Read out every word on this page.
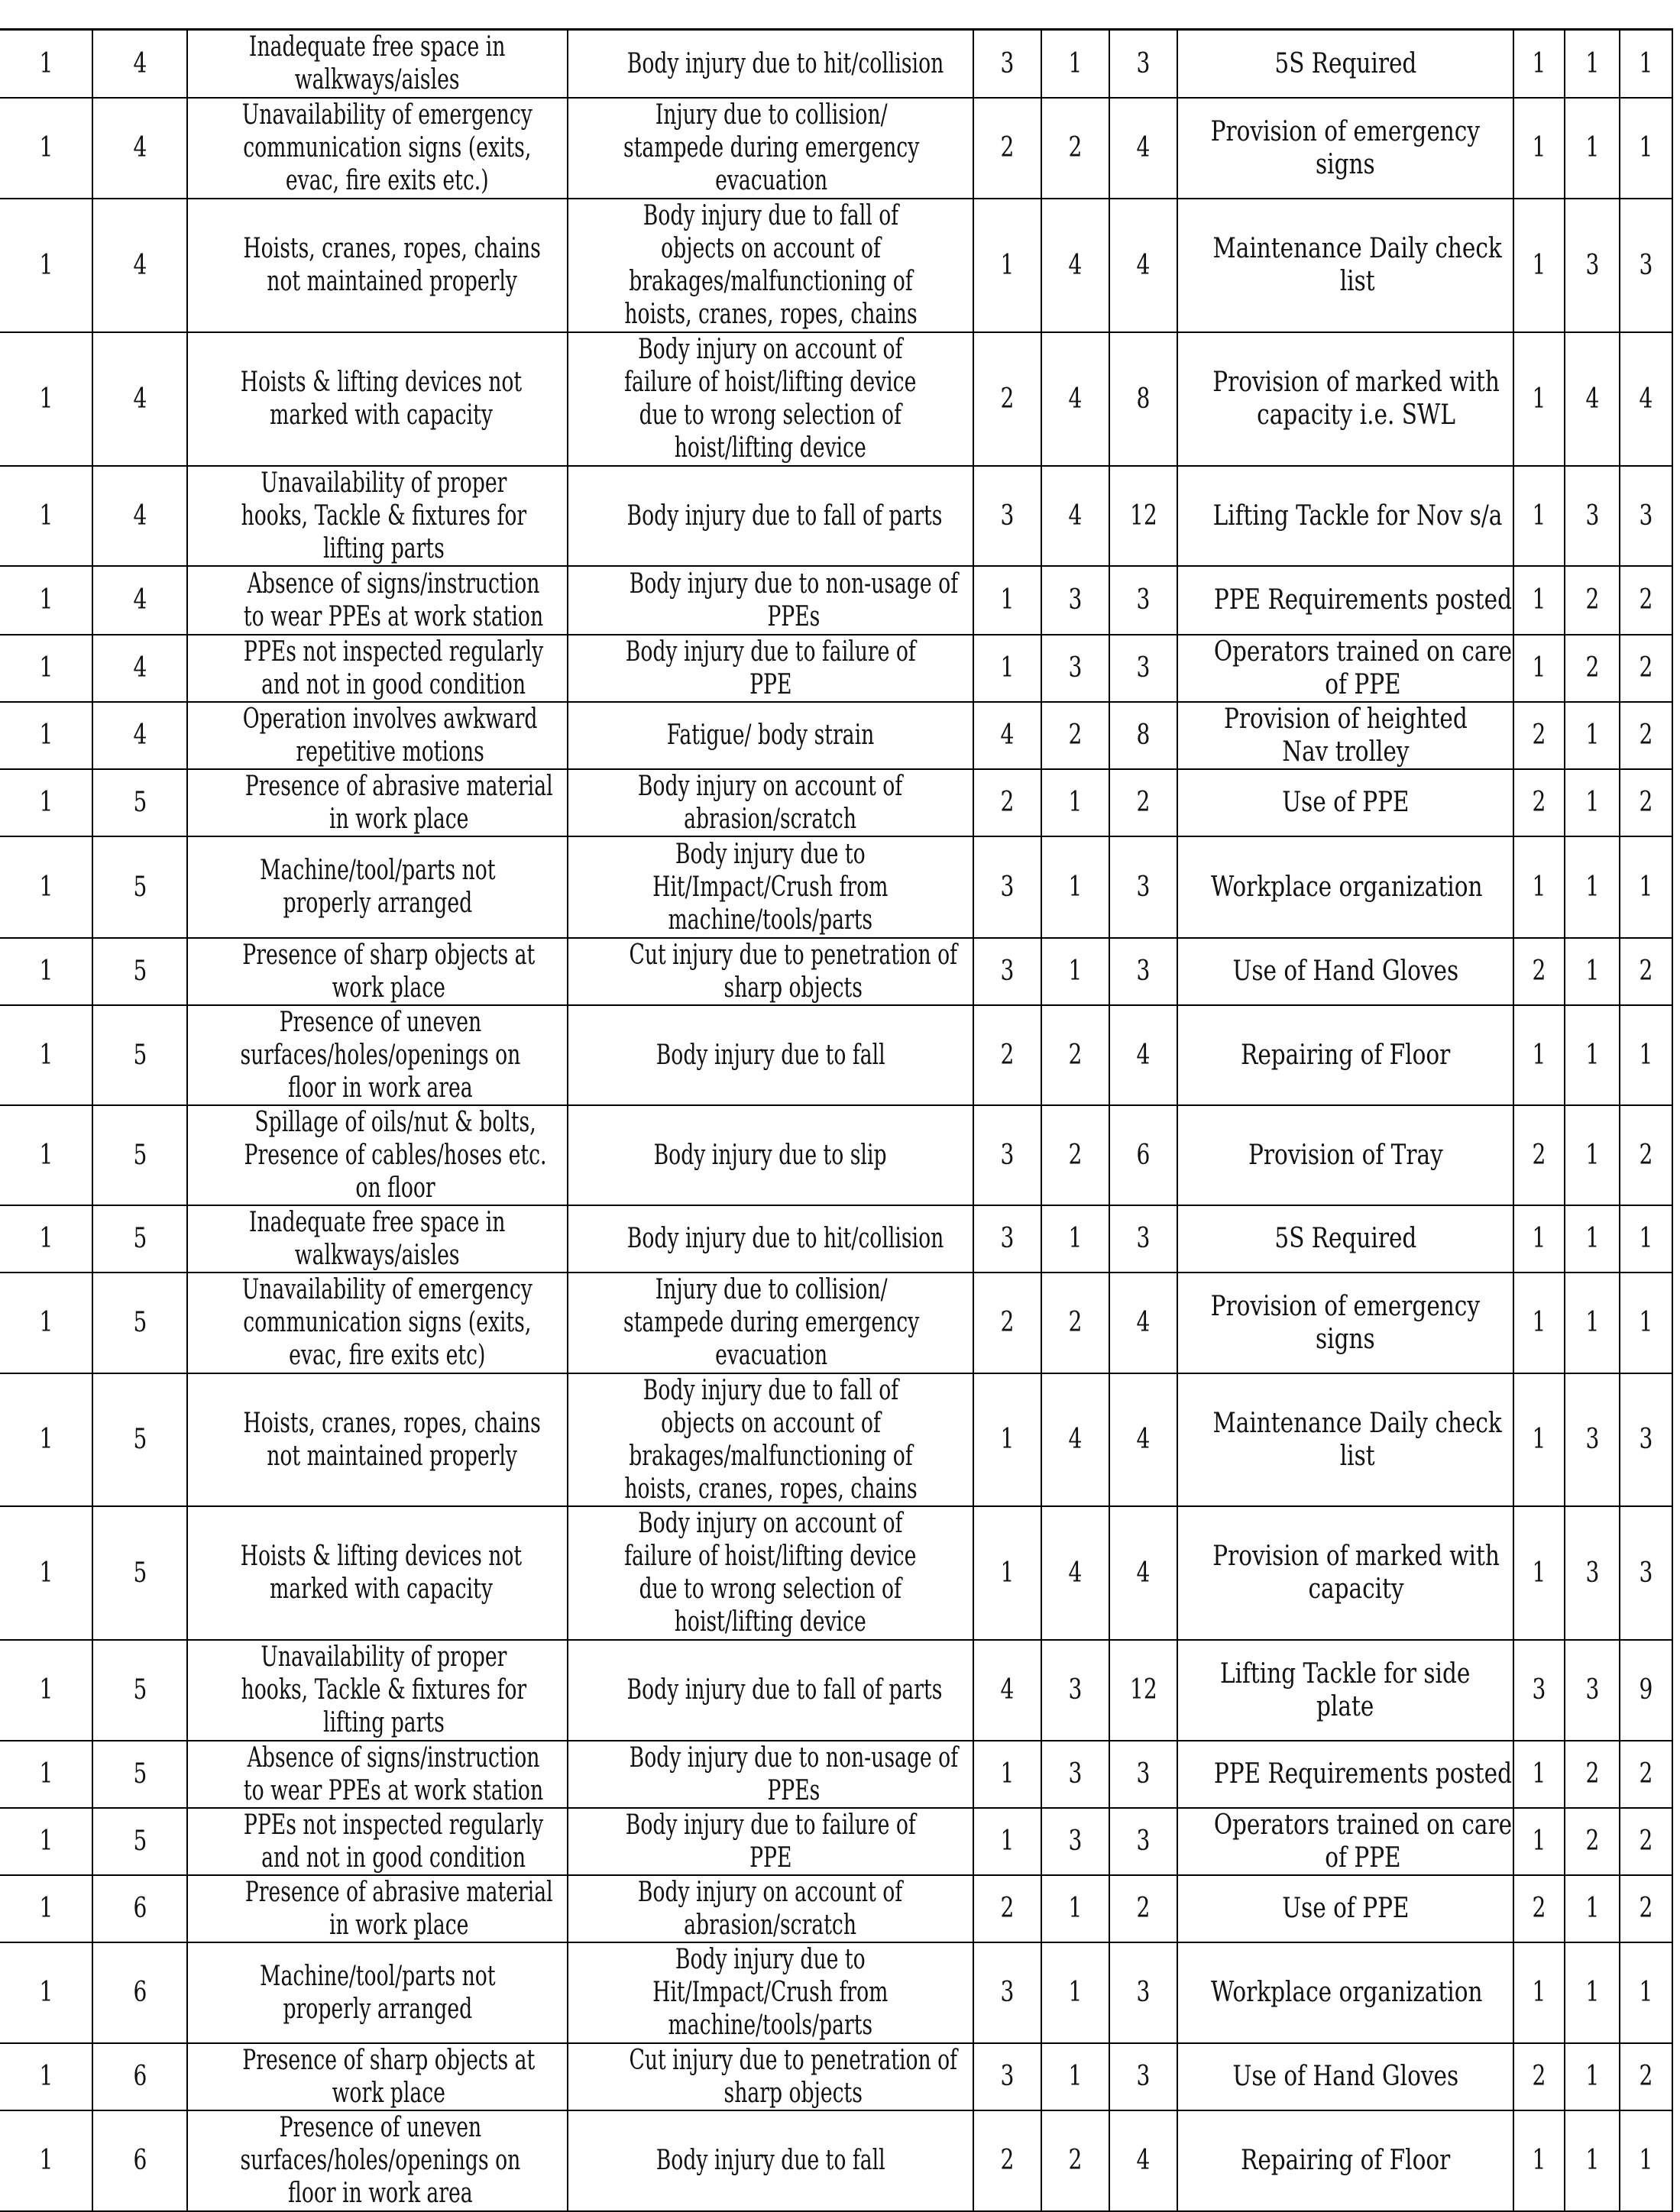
1	4	Inadequate free space in
walkways/aisles	Body injury due to hit/collision	3	1	3	5S Required	1	1	1
1	4	Unavailability of emergency
communication signs (exits,
evac, fire exits etc.)	Injury due to collision/
stampede during emergency
evacuation	2	2	4	Provision of emergency
signs	1	1	1
1	4	Hoists, cranes, ropes, chains
not maintained properly	Body injury due to fall of
objects on account of
brakages/malfunctioning of
hoists, cranes, ropes, chains	1	4	4	Maintenance Daily check
list	1	3	3
1	4	Hoists & lifting devices not
marked with capacity	Body injury on account of
failure of hoist/lifting device
due to wrong selection of
hoist/lifting device	2	4	8	Provision of marked with
capacity i.e. SWL	1	4	4
1	4	Unavailability of proper
hooks, Tackle & fixtures for
lifting parts	Body injury due to fall of parts	3	4	12	Lifting Tackle for Nov s/a	1	3	3
1	4	Absence of signs/instruction
to wear PPEs at work station	Body injury due to non-usage of
PPEs	1	3	3	PPE Requirements posted	1	2	2
1	4	PPEs not inspected regularly
and not in good condition	Body injury due to failure of
PPE	1	3	3	Operators trained on care
of PPE	1	2	2
1	4	Operation involves awkward
repetitive motions	Fatigue/ body strain	4	2	8	Provision of heighted
Nav trolley	2	1	2
1	5	Presence of abrasive material
in work place	Body injury on account of
abrasion/scratch	2	1	2	Use of PPE	2	1	2
1	5	Machine/tool/parts not
properly arranged	Body injury due to
Hit/Impact/Crush from
machine/tools/parts	3	1	3	Workplace organization	1	1	1
1	5	Presence of sharp objects at
work place	Cut injury due to penetration of
sharp objects	3	1	3	Use of Hand Gloves	2	1	2
1	5	Presence of uneven
surfaces/holes/openings on
floor in work area	Body injury due to fall	2	2	4	Repairing of Floor	1	1	1
1	5	Spillage of oils/nut & bolts,
Presence of cables/hoses etc.
on floor	Body injury due to slip	3	2	6	Provision of Tray	2	1	2
1	5	Inadequate free space in
walkways/aisles	Body injury due to hit/collision	3	1	3	5S Required	1	1	1
1	5	Unavailability of emergency
communication signs (exits,
evac, fire exits etc)	Injury due to collision/
stampede during emergency
evacuation	2	2	4	Provision of emergency
signs	1	1	1
1	5	Hoists, cranes, ropes, chains
not maintained properly	Body injury due to fall of
objects on account of
brakages/malfunctioning of
hoists, cranes, ropes, chains	1	4	4	Maintenance Daily check
list	1	3	3
1	5	Hoists & lifting devices not
marked with capacity	Body injury on account of
failure of hoist/lifting device
due to wrong selection of
hoist/lifting device	1	4	4	Provision of marked with
capacity	1	3	3
1	5	Unavailability of proper
hooks, Tackle & fixtures for
lifting parts	Body injury due to fall of parts	4	3	12	Lifting Tackle for side
plate	3	3	9
1	5	Absence of signs/instruction
to wear PPEs at work station	Body injury due to non-usage of
PPEs	1	3	3	PPE Requirements posted	1	2	2
1	5	PPEs not inspected regularly
and not in good condition	Body injury due to failure of
PPE	1	3	3	Operators trained on care
of PPE	1	2	2
1	6	Presence of abrasive material
in work place	Body injury on account of
abrasion/scratch	2	1	2	Use of PPE	2	1	2
1	6	Machine/tool/parts not
properly arranged	Body injury due to
Hit/Impact/Crush from
machine/tools/parts	3	1	3	Workplace organization	1	1	1
1	6	Presence of sharp objects at
work place	Cut injury due to penetration of
sharp objects	3	1	3	Use of Hand Gloves	2	1	2
1	6	Presence of uneven
surfaces/holes/openings on
floor in work area	Body injury due to fall	2	2	4	Repairing of Floor	1	1	1
